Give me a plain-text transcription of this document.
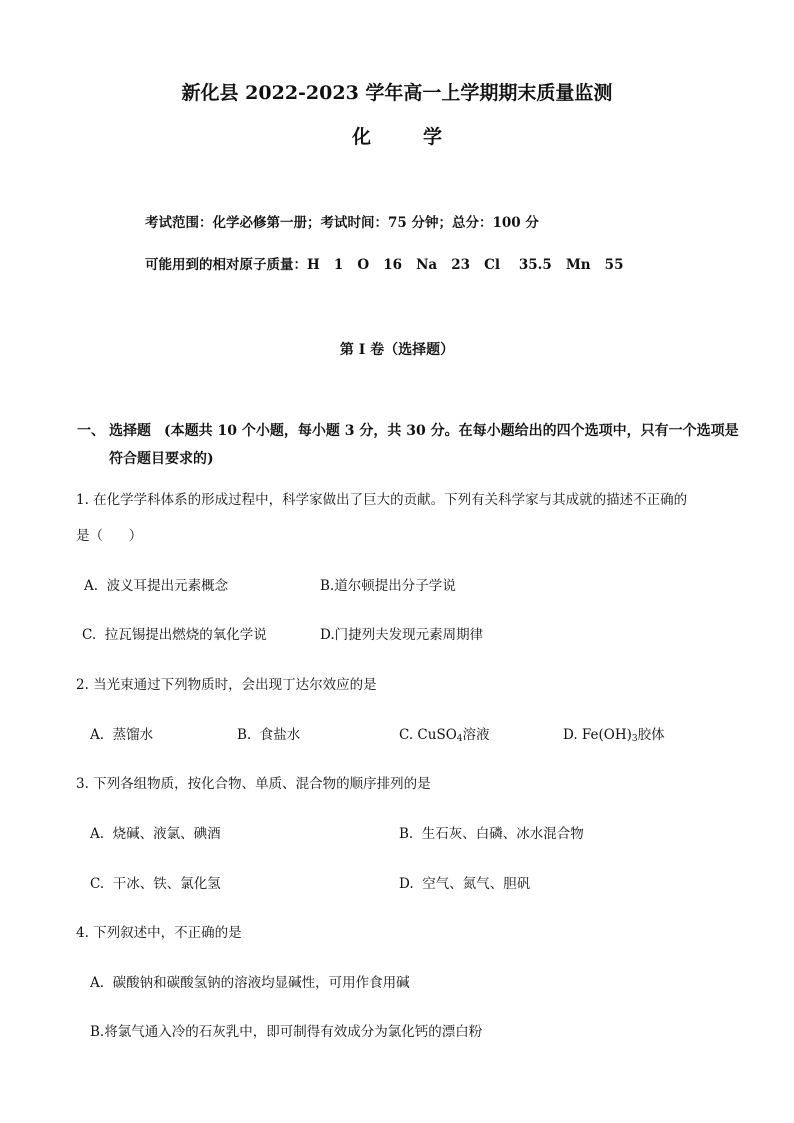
新化县 2022-2023 学年高一上学期期末质量监测
化	学
考试范围：化学必修第一册；考试时间：75 分钟；总分：100 分
可能用到的相对原子质量：H   1   O   16   Na   23   Cl    35.5   Mn   55
第 I 卷（选择题）
一、 选择题 (本题共 10 个小题，每小题 3 分，共 30 分。在每小题给出的四个选项中，只有一个选项是
符合题目要求的)
1. 在化学学科体系的形成过程中，科学家做出了巨大的贡献。下列有关科学家与其成就的描述不正确的
是（      ）
A.  波义耳提出元素概念	B.道尔顿提出分子学说
C.  拉瓦锡提出燃烧的氧化学说	D.门捷列夫发现元素周期律
2. 当光束通过下列物质时，会出现丁达尔效应的是
A.  蒸馏水	B.  食盐水	C. CuSO$_4$溶液	D. $Fe(OH)_3$胶体
3. 下列各组物质，按化合物、单质、混合物的顺序排列的是
A.  烧碱、液氯、碘酒	B.  生石灰、白磷、冰水混合物
C.  干冰、铁、氯化氢	D.  空气、氮气、胆矾
4. 下列叙述中，不正确的是
A.  碳酸钠和碳酸氢钠的溶液均显碱性，可用作食用碱
B.将氯气通入冷的石灰乳中，即可制得有效成分为氯化钙的漂白粉
